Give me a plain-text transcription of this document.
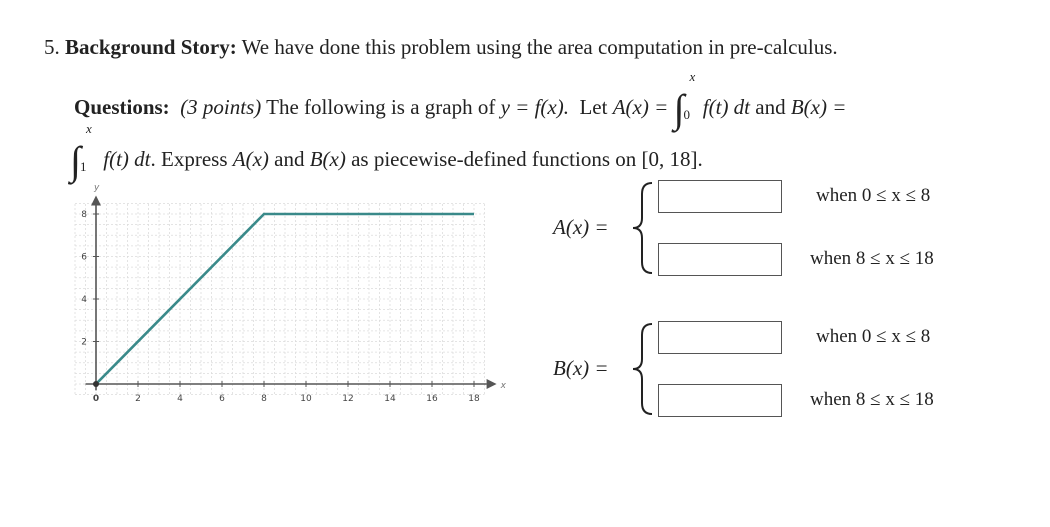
5. Background Story: We have done this problem using the area computation in pre-calculus.
Questions: (3 points) The following is a graph of y = f(x). Let A(x) = ∫
x
0 f(t) dt and B(x) =
∫
x
1 f(t) dt. Express A(x) and B(x) as piecewise-defined functions on [0, 18].
x
y
2	4	6	8	10	12	14	16	18
2
4
6
8
0
A(x) =
when 0 ≤ x ≤ 8
when 8 ≤ x ≤ 18
B(x) =
when 0 ≤ x ≤ 8
when 8 ≤ x ≤ 18
